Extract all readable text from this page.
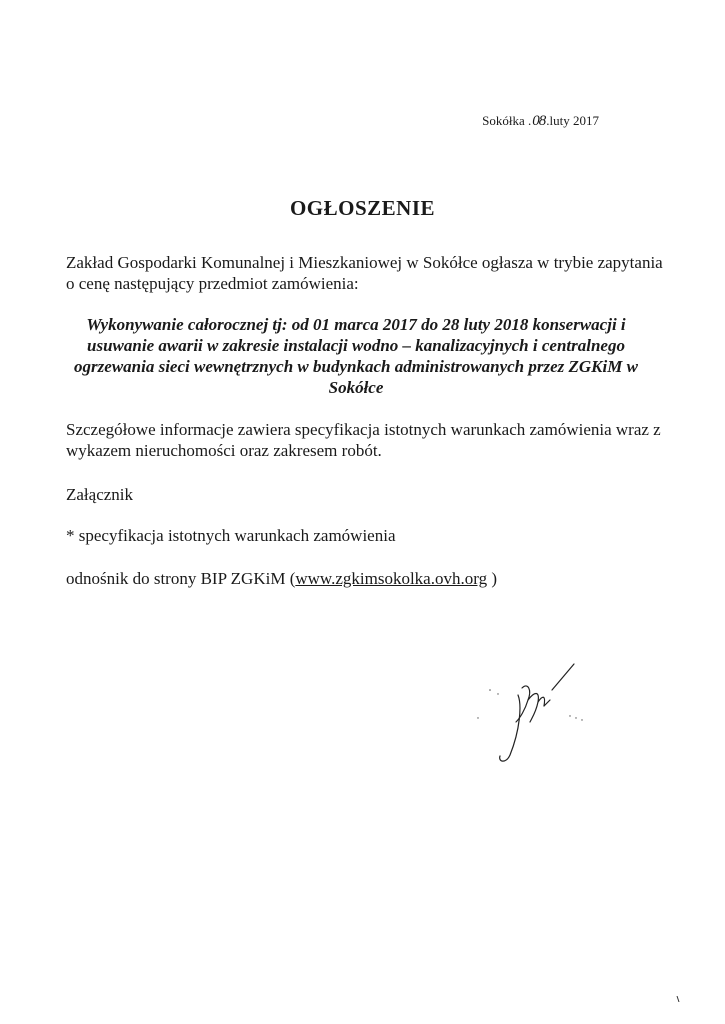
Sokółka .08.luty 2017
OGŁOSZENIE
Zakład Gospodarki Komunalnej i Mieszkaniowej w Sokółce ogłasza w trybie zapytania o cenę następujący przedmiot zamówienia:
Wykonywanie całorocznej tj: od 01 marca 2017 do 28 luty 2018 konserwacji i usuwanie awarii w zakresie instalacji wodno – kanalizacyjnych i centralnego ogrzewania sieci wewnętrznych w budynkach administrowanych przez ZGKiM w Sokółce
Szczegółowe informacje zawiera specyfikacja istotnych warunkach zamówienia wraz z wykazem nieruchomości oraz zakresem robót.
Załącznik
* specyfikacja istotnych warunkach zamówienia
odnośnik do strony BIP ZGKiM (www.zgkimsokolka.ovh.org )
